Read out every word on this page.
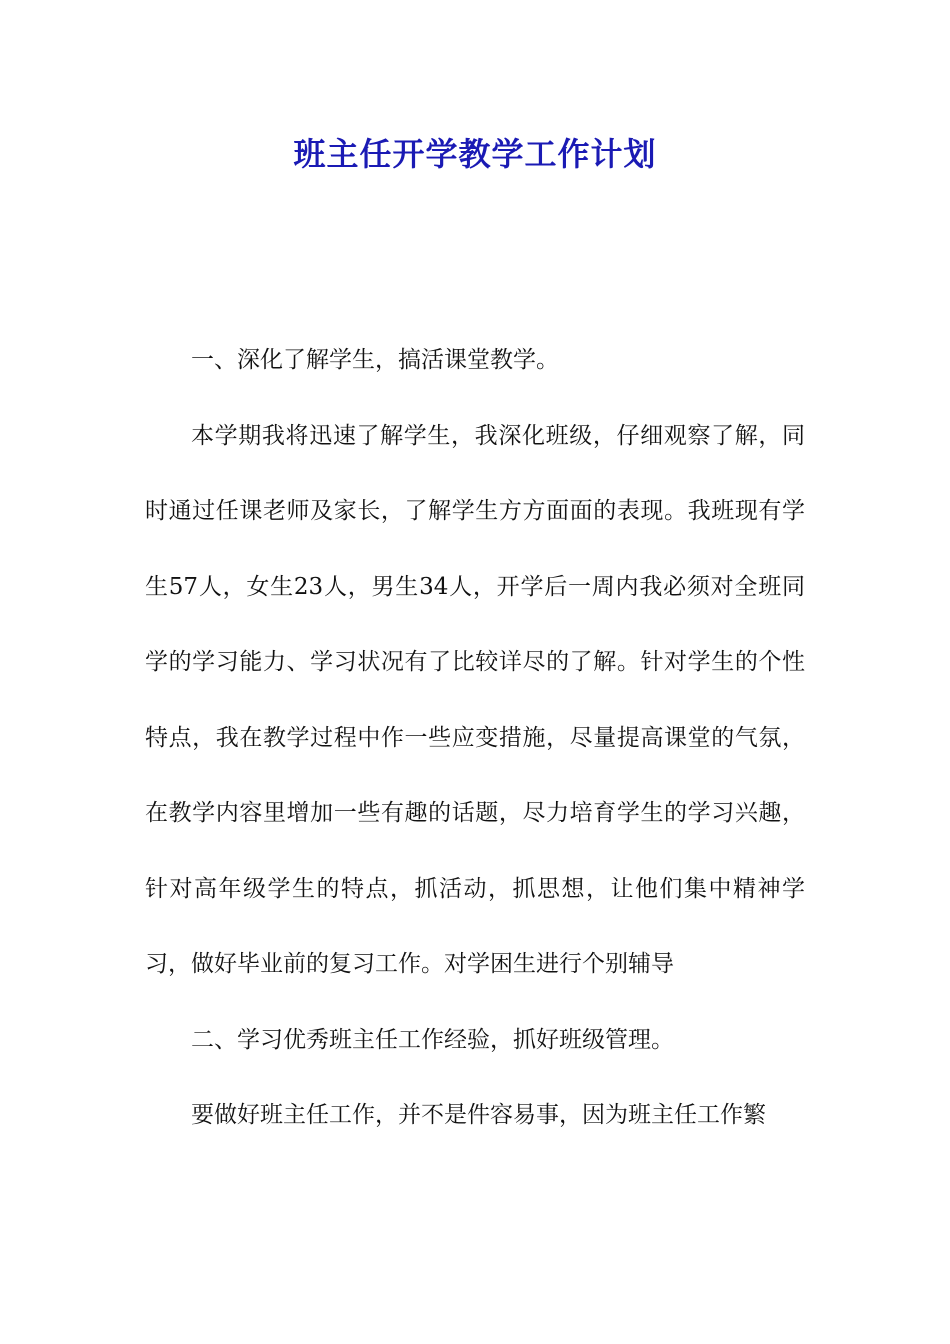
班主任开学教学工作计划

一、深化了解学生，搞活课堂教学。

本学期我将迅速了解学生，我深化班级，仔细观察了解，同时通过任课老师及家长，了解学生方方面面的表现。我班现有学生57人，女生23人，男生34人，开学后一周内我必须对全班同学的学习能力、学习状况有了比较详尽的了解。针对学生的个性特点，我在教学过程中作一些应变措施，尽量提高课堂的气氛，在教学内容里增加一些有趣的话题，尽力培育学生的学习兴趣，针对高年级学生的特点，抓活动，抓思想，让他们集中精神学习，做好毕业前的复习工作。对学困生进行个别辅导

二、学习优秀班主任工作经验，抓好班级管理。

要做好班主任工作，并不是件容易事，因为班主任工作繁
